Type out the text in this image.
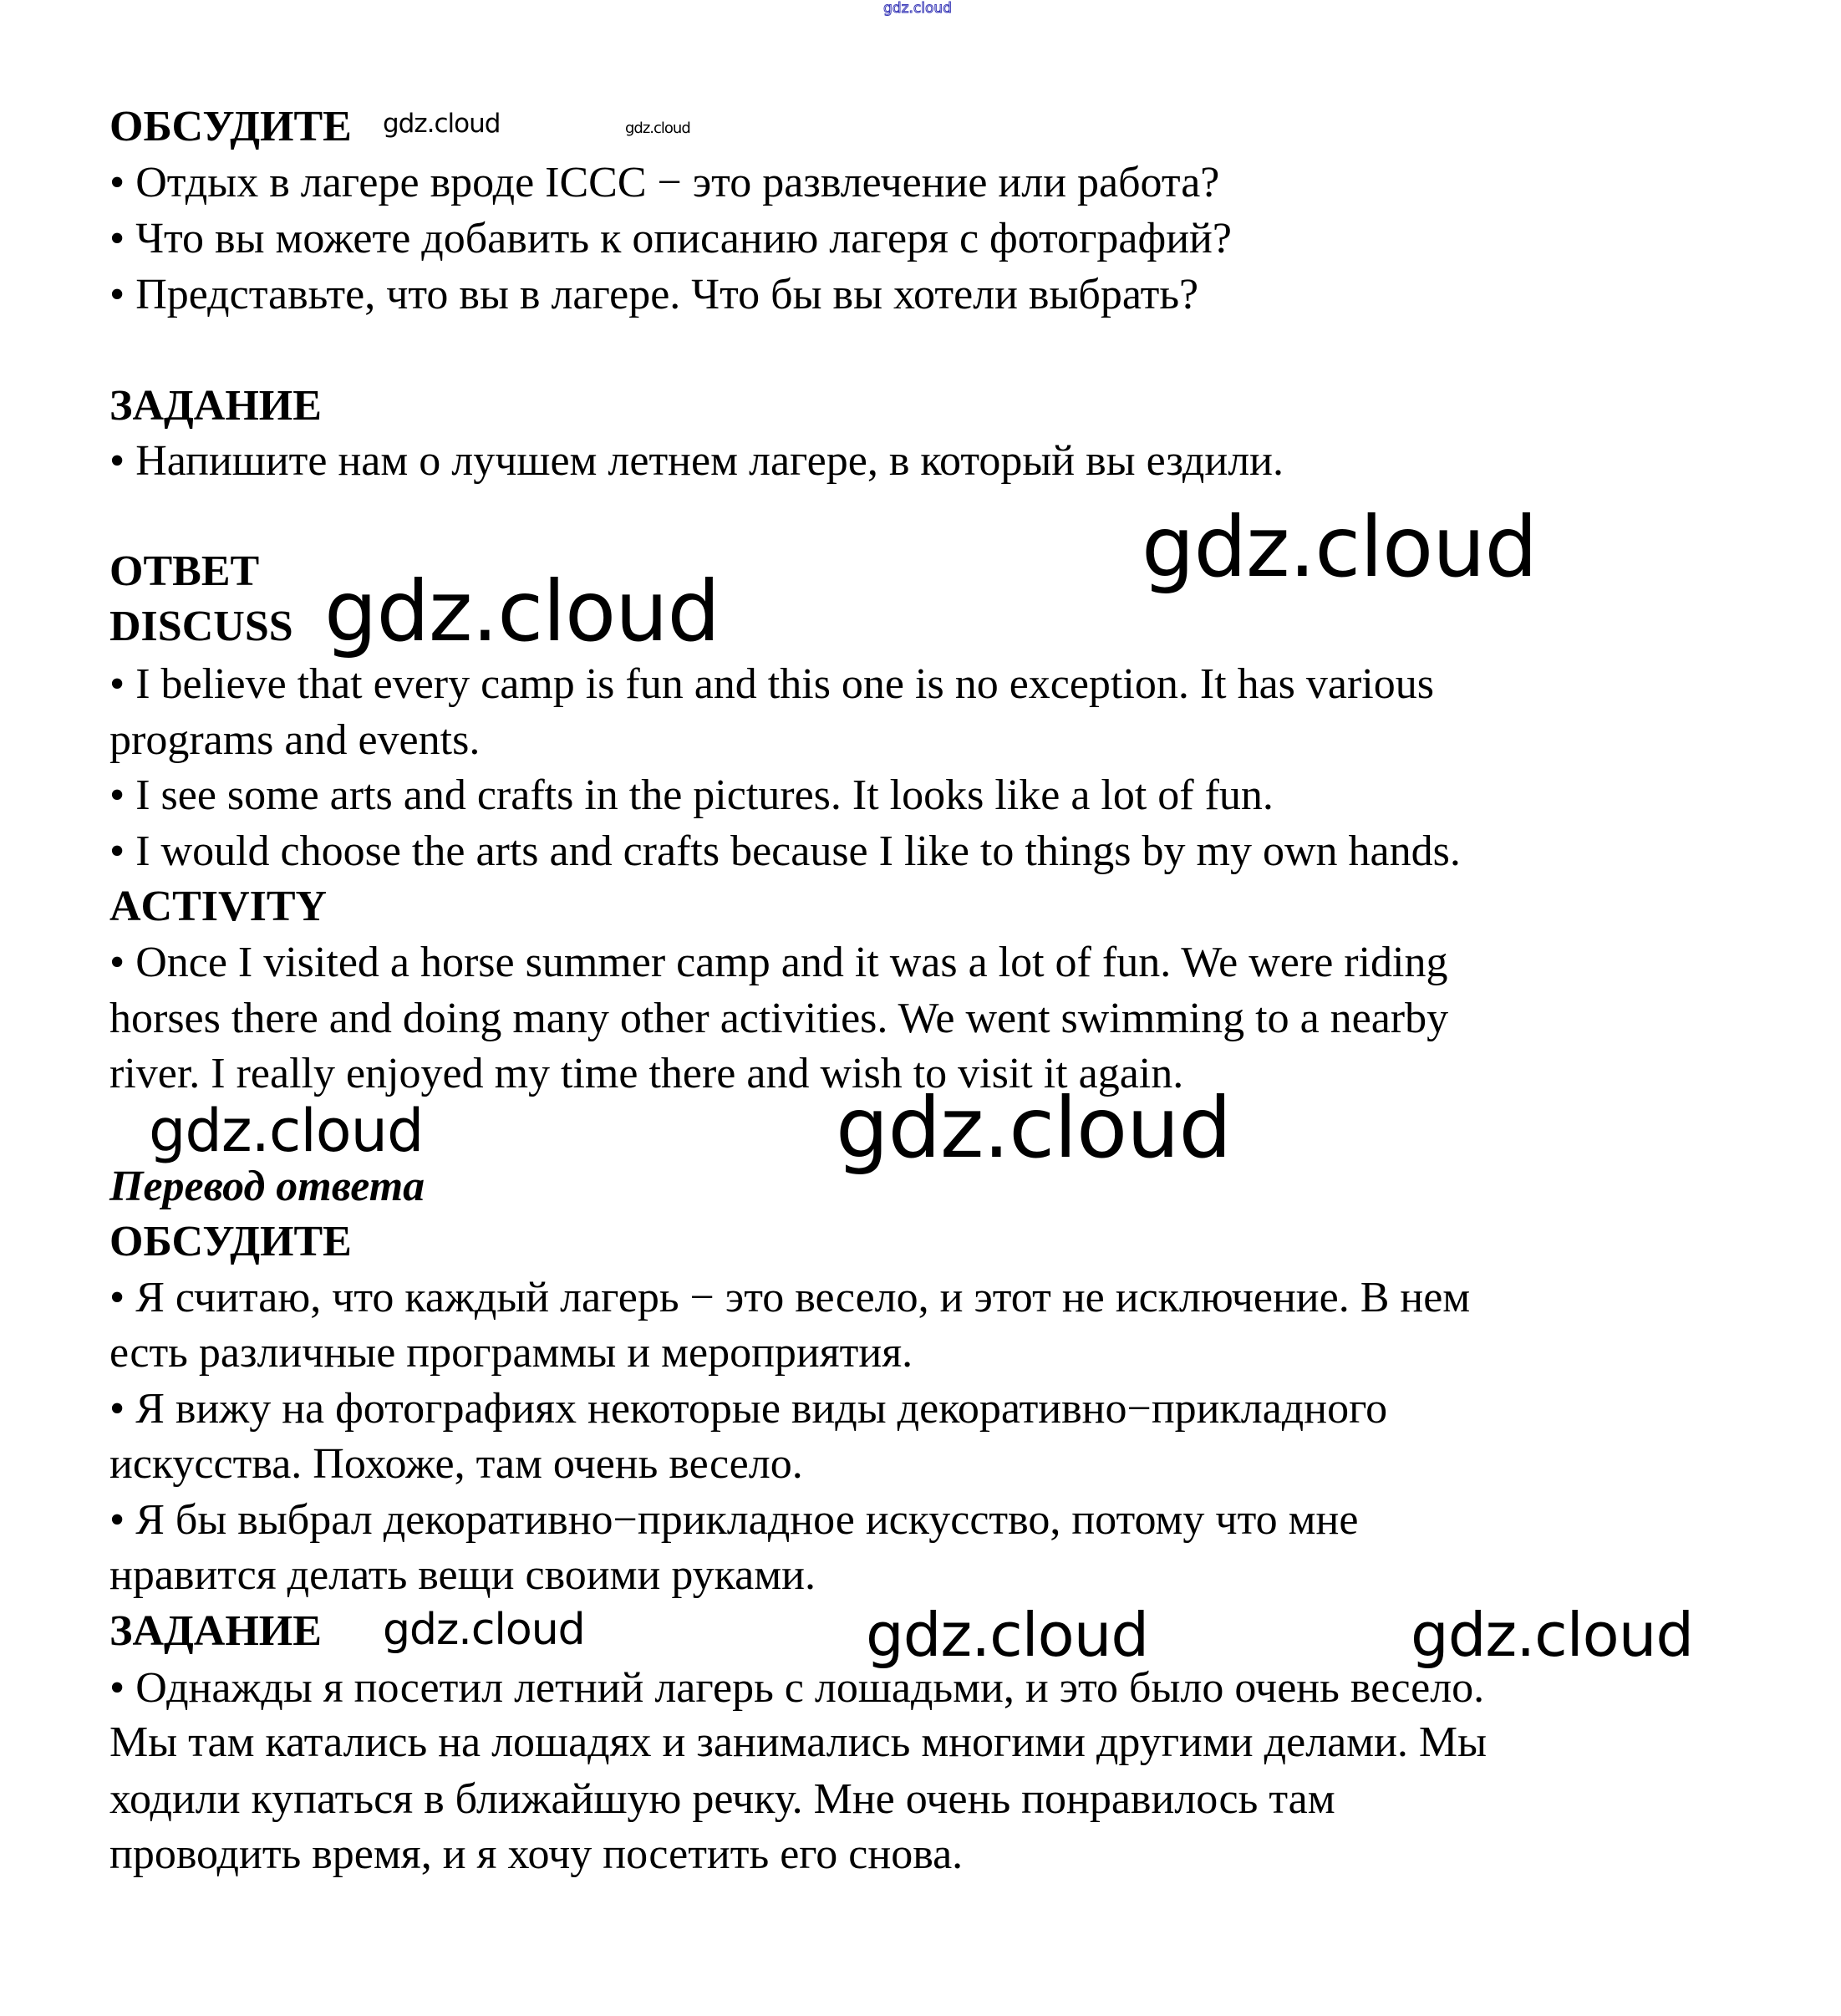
gdz.cloud
ОБСУДИТЕ gdz.cloud	gdz.cloud
• Отдых в лагере вроде ICCC − это развлечение или работа?
• Что вы можете добавить к описанию лагеря с фотографий?
• Представьте, что вы в лагере. Что бы вы хотели выбрать?
ЗАДАНИЕ
• Напишите нам о лучшем летнем лагере, в который вы ездили.
gdz.cloud
ОТВЕТ
DISCUSS gdz.cloud
• I believe that every camp is fun and this one is no exception. It has various
programs and events.
• I see some arts and crafts in the pictures. It looks like a lot of fun.
• I would choose the arts and crafts because I like to things by my own hands.
ACTIVITY
• Once I visited a horse summer camp and it was a lot of fun. We were riding
horses there and doing many other activities. We went swimming to a nearby
river. I really enjoyed my time there and wish to visit it again.
gdz.cloud	gdz.cloud
Перевод ответа
ОБСУДИТЕ
• Я считаю, что каждый лагерь − это весело, и этот не исключение. В нем
есть различные программы и мероприятия.
• Я вижу на фотографиях некоторые виды декоративно−прикладного
искусства. Похоже, там очень весело.
• Я бы выбрал декоративно−прикладное искусство, потому что мне
нравится делать вещи своими руками.
ЗАДАНИЕ gdz.cloud	gdz.cloud	gdz.cloud
• Однажды я посетил летний лагерь с лошадьми, и это было очень весело.
Мы там катались на лошадях и занимались многими другими делами. Мы
ходили купаться в ближайшую речку. Мне очень понравилось там
проводить время, и я хочу посетить его снова.
